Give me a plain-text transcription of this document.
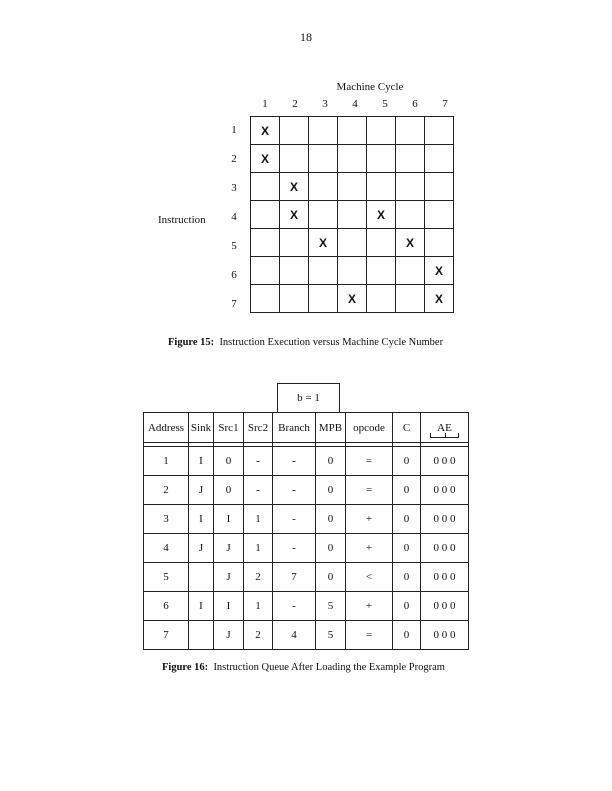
18
Machine Cycle
1	2	3	4	5	6	7
1
2
3
4
5
6
7
Instruction
X						
X						
	X					
	X			X		
		X			X	
						X
			X			X
Figure 15: Instruction Execution versus Machine Cycle Number
b = 1
Address	Sink	Src1	Src2	Branch	MPB	opcode	C	AE

1	I	0	-	-	0	=	0	0 0 0
2	J	0	-	-	0	=	0	0 0 0
3	I	I	1	-	0	+	0	0 0 0
4	J	J	1	-	0	+	0	0 0 0
5		J	2	7	0	<	0	0 0 0
6	I	I	1	-	5	+	0	0 0 0
7		J	2	4	5	=	0	0 0 0
Figure 16: Instruction Queue After Loading the Example Program
